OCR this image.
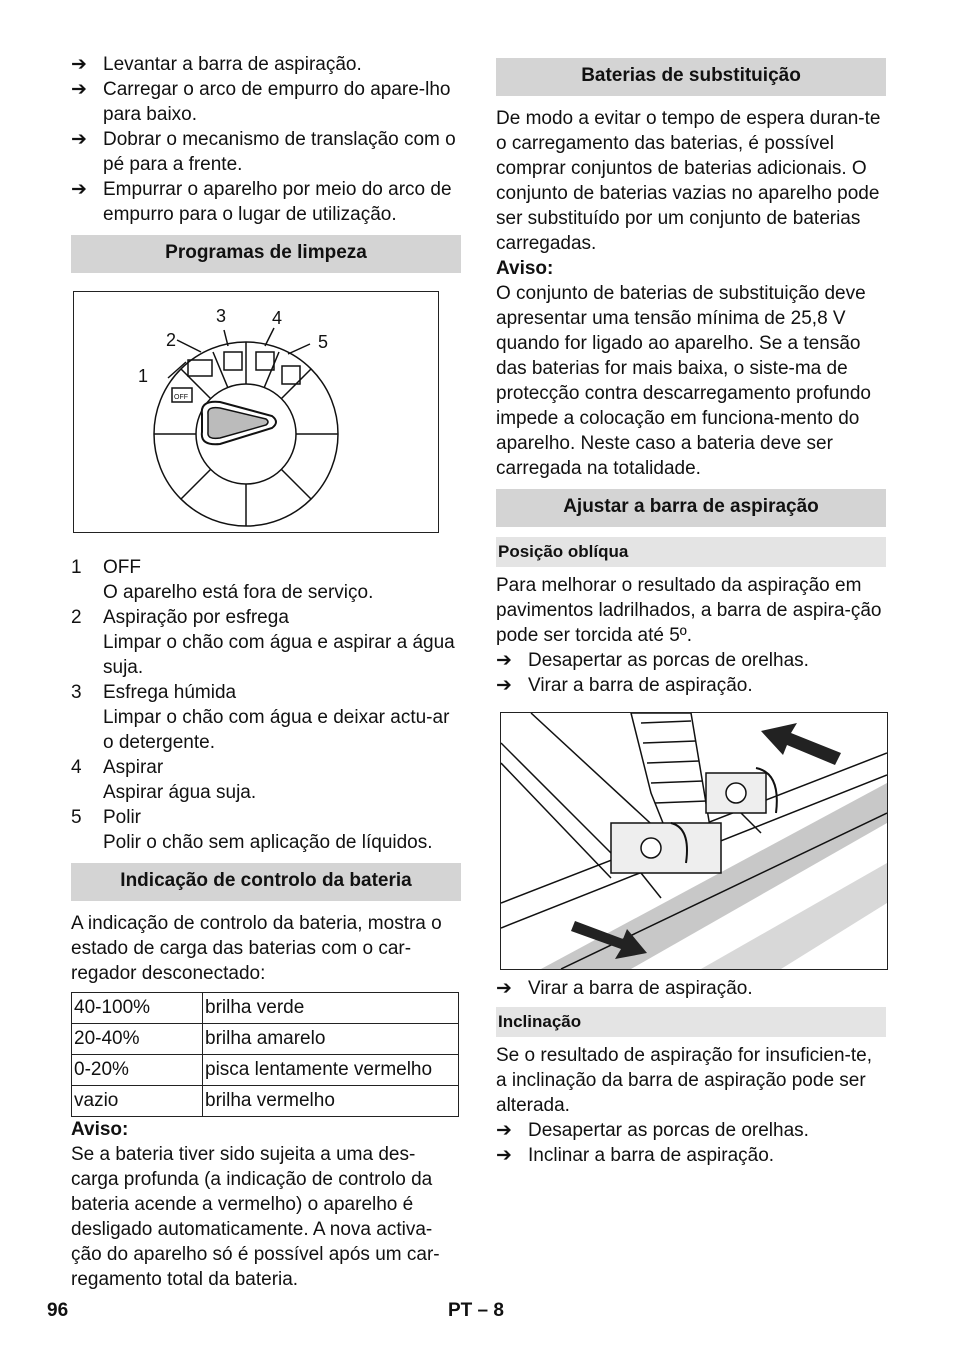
➔ Levantar a barra de aspiração.

➔ Carregar o arco de empurro do apare-lho para baixo.

➔ Dobrar o mecanismo de translação com o pé para a frente.

➔ Empurrar o aparelho por meio do arco de empurro para o lugar de utilização.

Programas de limpeza
OFF
1
2
3	4
5
1 OFF

O aparelho está fora de serviço.

2 Aspiração por esfrega

Limpar o chão com água e aspirar a água suja.

3 Esfrega húmida

Limpar o chão com água e deixar actu-ar o detergente.

4 Aspirar

Aspirar água suja.

5 Polir

Polir o chão sem aplicação de líquidos.

Indicação de controlo da bateria

A indicação de controlo da bateria, mostra o estado de carga das baterias com o car-regador desconectado:

40-100%	brilha verde
20-40%	brilha amarelo
0-20%	pisca lentamente vermelho
vazio	brilha vermelho

Aviso:

Se a bateria tiver sido sujeita a uma des-carga profunda (a indicação de controlo da bateria acende a vermelho) o aparelho é desligado automaticamente. A nova activa-ção do aparelho só é possível após um car-regamento total da bateria.

Baterias de substituição

De modo a evitar o tempo de espera duran-te o carregamento das baterias, é possível comprar conjuntos de baterias adicionais. O conjunto de baterias vazias no aparelho pode ser substituído por um conjunto de baterias carregadas.

Aviso:

O conjunto de baterias de substituição deve apresentar uma tensão mínima de 25,8 V quando for ligado ao aparelho. Se a tensão das baterias for mais baixa, o siste-ma de protecção contra descarregamento profundo impede a colocação em funciona-mento do aparelho. Neste caso a bateria deve ser carregada na totalidade.

Ajustar a barra de aspiração
Posição oblíqua

Para melhorar o resultado da aspiração em pavimentos ladrilhados, a barra de aspira-ção pode ser torcida até 5º.

➔ Desapertar as porcas de orelhas.

➔ Virar a barra de aspiração.

➔ Virar a barra de aspiração.

Inclinação

Se o resultado de aspiração for insuficien-te, a inclinação da barra de aspiração pode ser alterada.

➔ Desapertar as porcas de orelhas.

➔ Inclinar a barra de aspiração.

96	PT – 8
